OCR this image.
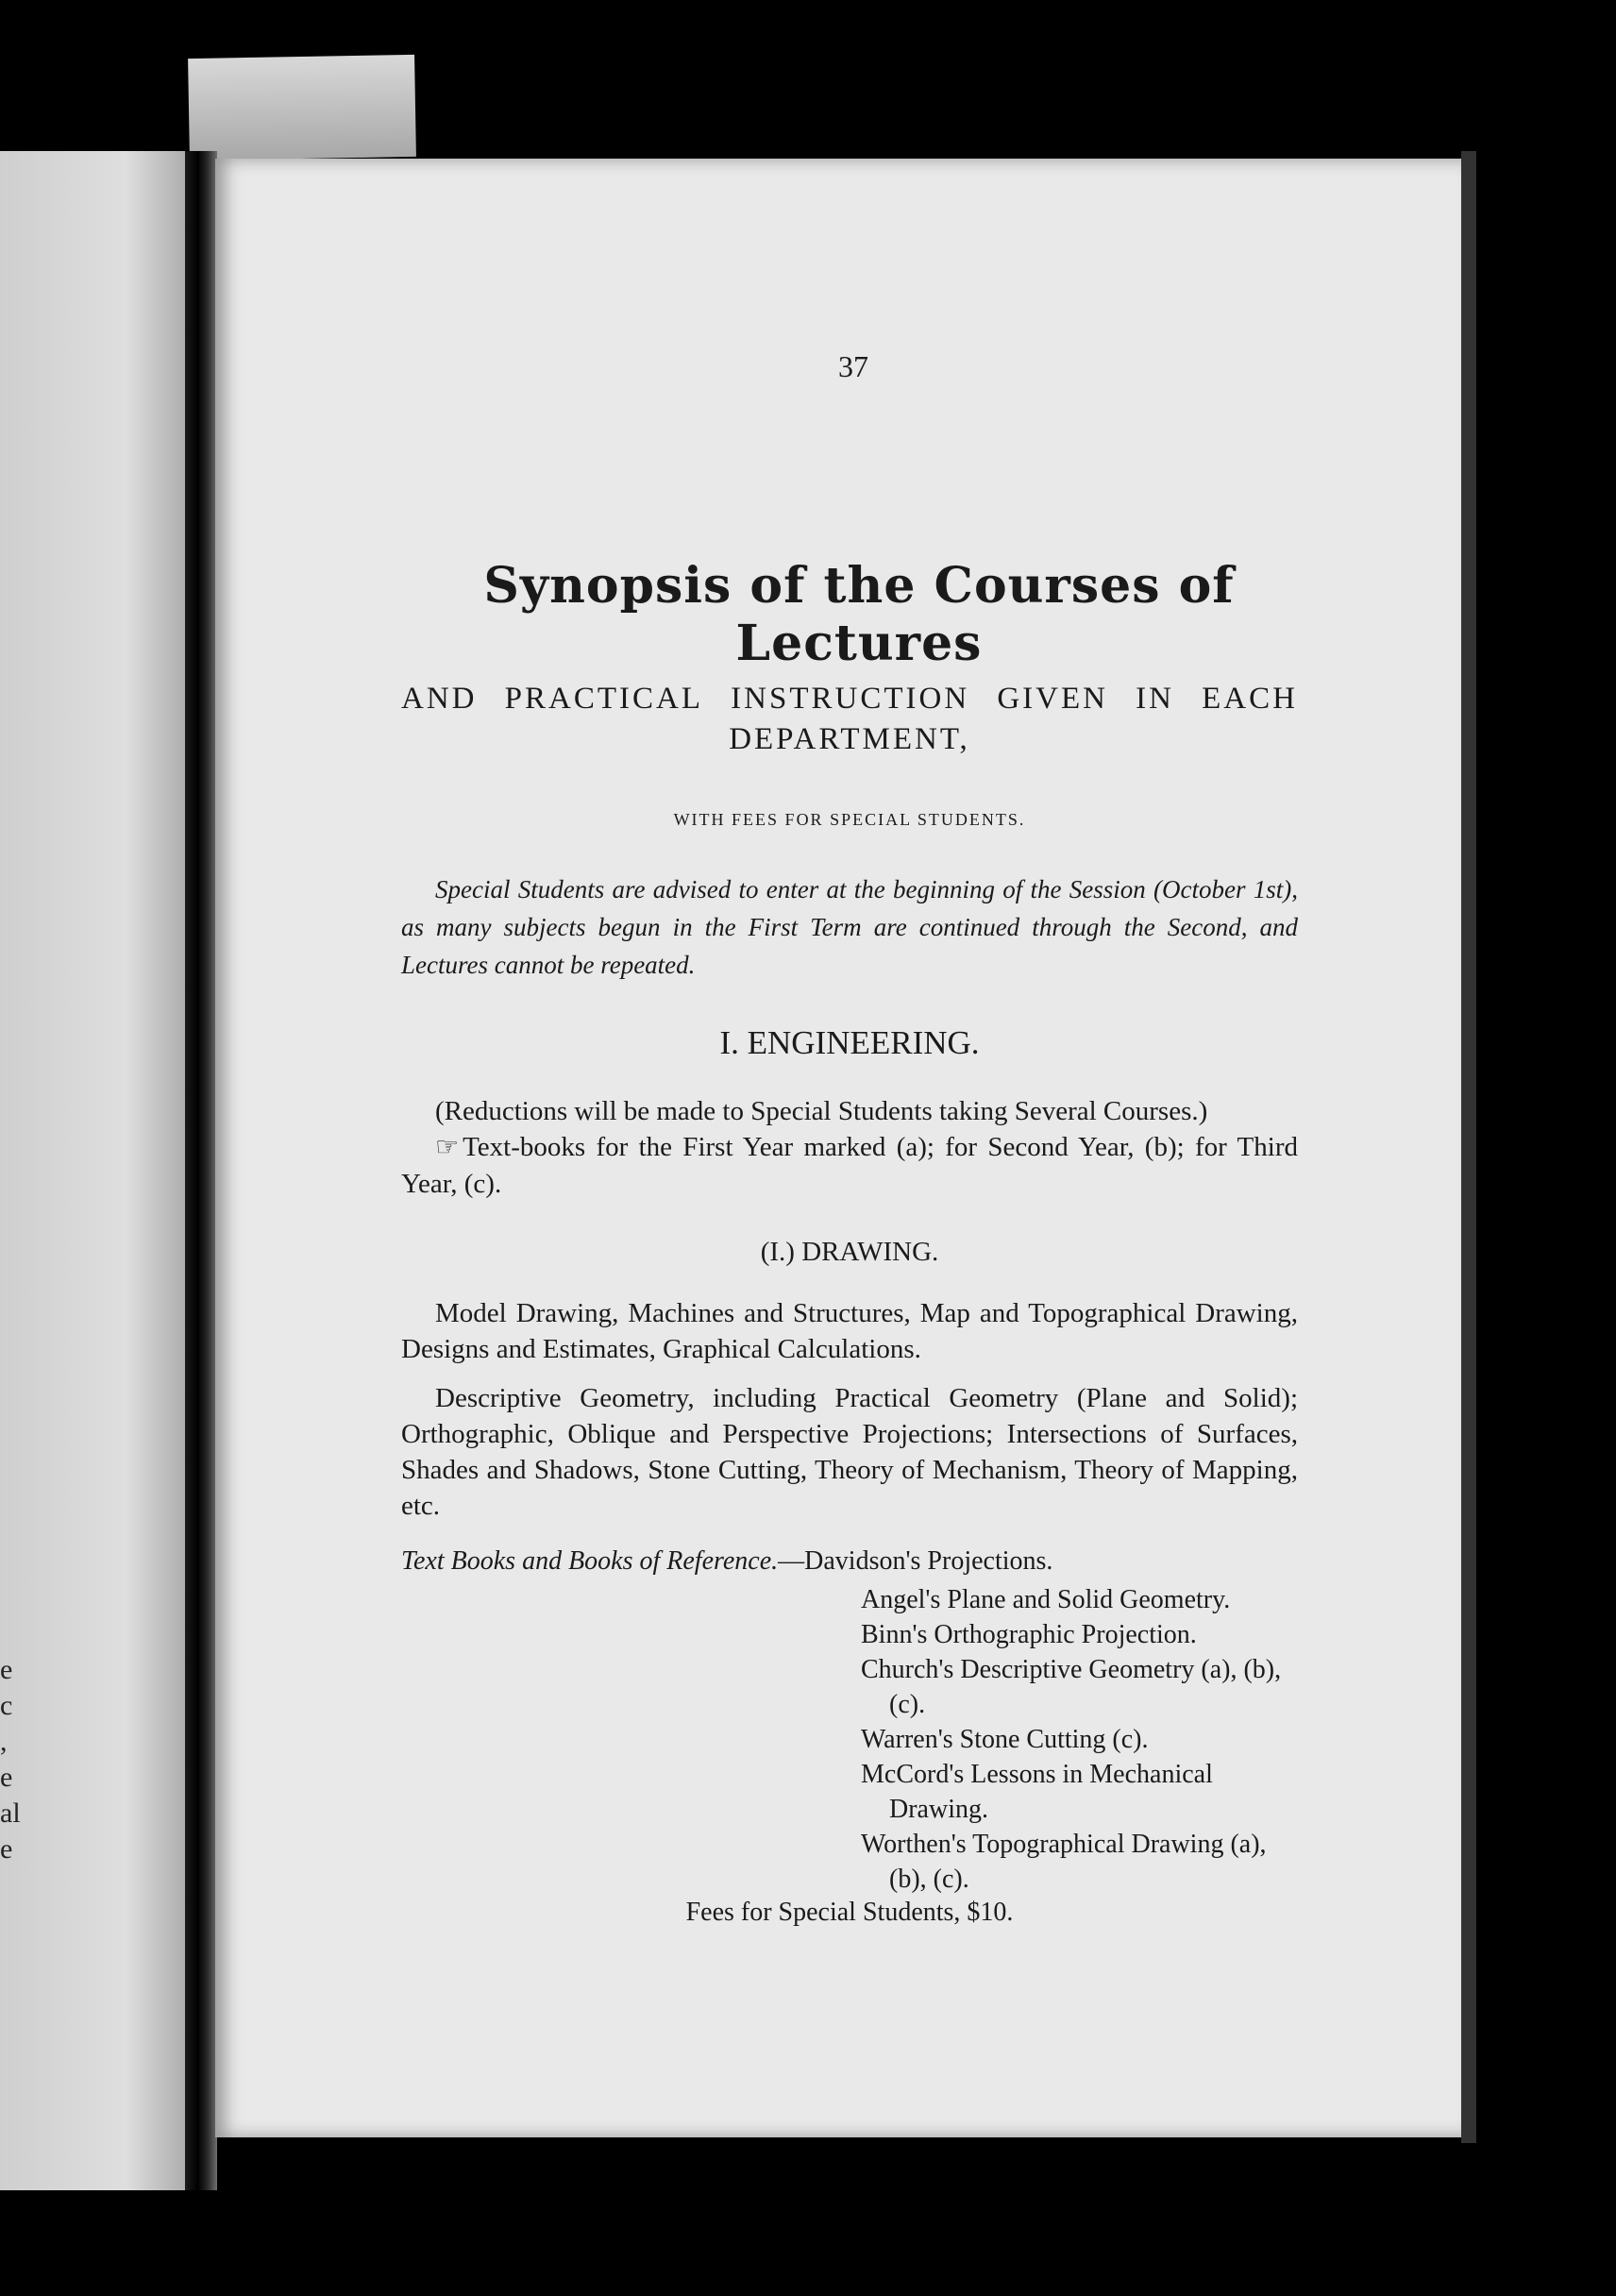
e
c
,
e
al
e
37
Synopsis of the Courses of Lectures
AND PRACTICAL INSTRUCTION GIVEN IN EACH
DEPARTMENT,
WITH FEES FOR SPECIAL STUDENTS.
Special Students are advised to enter at the beginning of the Session (October 1st), as many subjects begun in the First Term are continued through the Second, and Lectures cannot be repeated.
I. ENGINEERING.

(Reductions will be made to Special Students taking Several Courses.)

☞ Text-books for the First Year marked (a); for Second Year, (b); for Third Year, (c).

(I.) DRAWING.
Model Drawing, Machines and Structures, Map and Topographical Drawing, Designs and Estimates, Graphical Calculations.
Descriptive Geometry, including Practical Geometry (Plane and Solid); Orthographic, Oblique and Perspective Projections; Intersections of Surfaces, Shades and Shadows, Stone Cutting, Theory of Mechanism, Theory of Mapping, etc.
Text Books and Books of Reference.—Davidson's Projections.
Angel's Plane and Solid Geometry.
Binn's Orthographic Projection.
Church's Descriptive Geometry (a), (b), (c).
Warren's Stone Cutting (c).
McCord's Lessons in Mechanical Drawing.
Worthen's Topographical Drawing (a), (b), (c).
Fees for Special Students, $10.
